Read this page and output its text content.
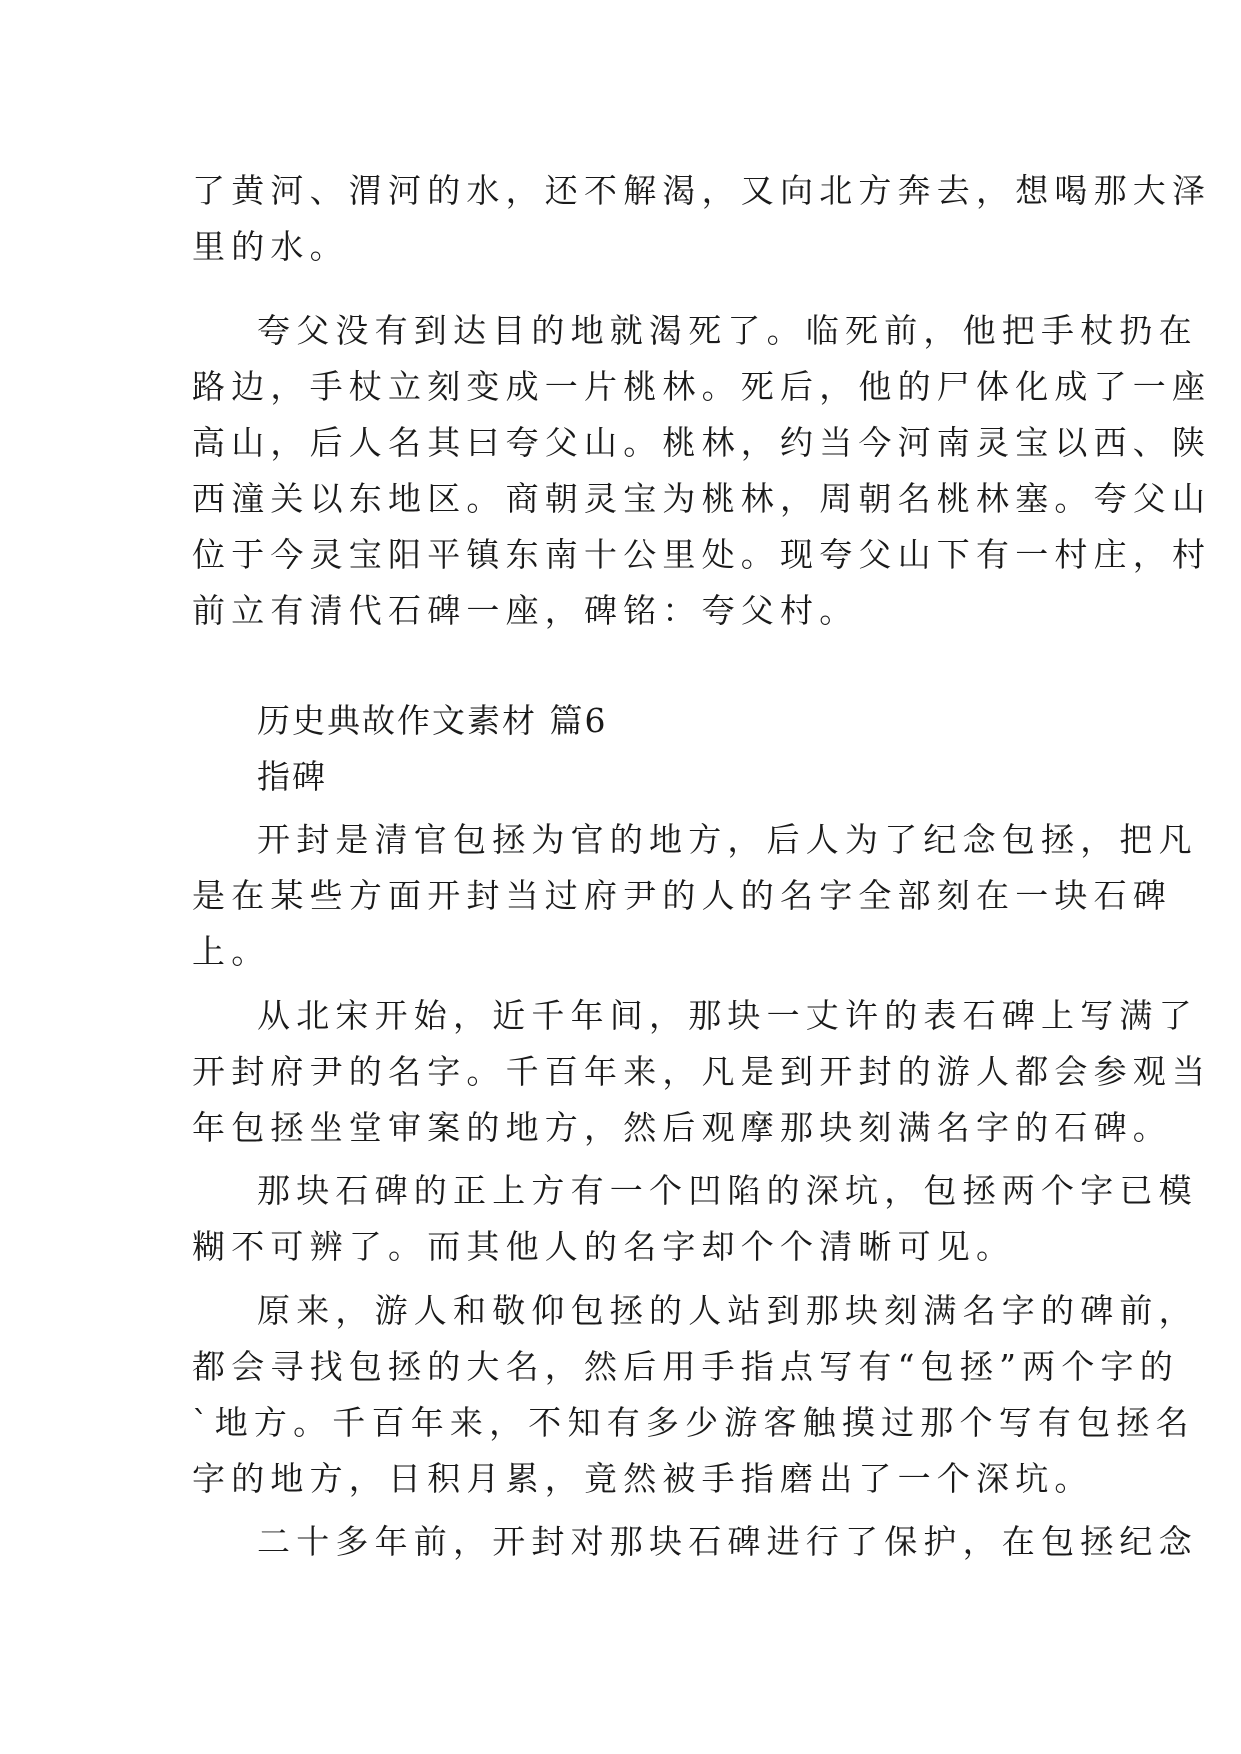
了黄河、渭河的水，还不解渴，又向北方奔去，想喝那大泽

里的水。

夸父没有到达目的地就渴死了。临死前，他把手杖扔在

路边，手杖立刻变成一片桃林。死后，他的尸体化成了一座

高山，后人名其曰夸父山。桃林，约当今河南灵宝以西、陕

西潼关以东地区。商朝灵宝为桃林，周朝名桃林塞。夸父山

位于今灵宝阳平镇东南十公里处。现夸父山下有一村庄，村

前立有清代石碑一座，碑铭：夸父村。

历史典故作文素材 篇6

指碑

开封是清官包拯为官的地方，后人为了纪念包拯，把凡

是在某些方面开封当过府尹的人的名字全部刻在一块石碑

上。

从北宋开始，近千年间，那块一丈许的表石碑上写满了

开封府尹的名字。千百年来，凡是到开封的游人都会参观当

年包拯坐堂审案的地方，然后观摩那块刻满名字的石碑。

那块石碑的正上方有一个凹陷的深坑，包拯两个字已模

糊不可辨了。而其他人的名字却个个清晰可见。

原来，游人和敬仰包拯的人站到那块刻满名字的碑前，

都会寻找包拯的大名，然后用手指点写有“包拯”两个字的

`地方。千百年来，不知有多少游客触摸过那个写有包拯名

字的地方，日积月累，竟然被手指磨出了一个深坑。

二十多年前，开封对那块石碑进行了保护，在包拯纪念
